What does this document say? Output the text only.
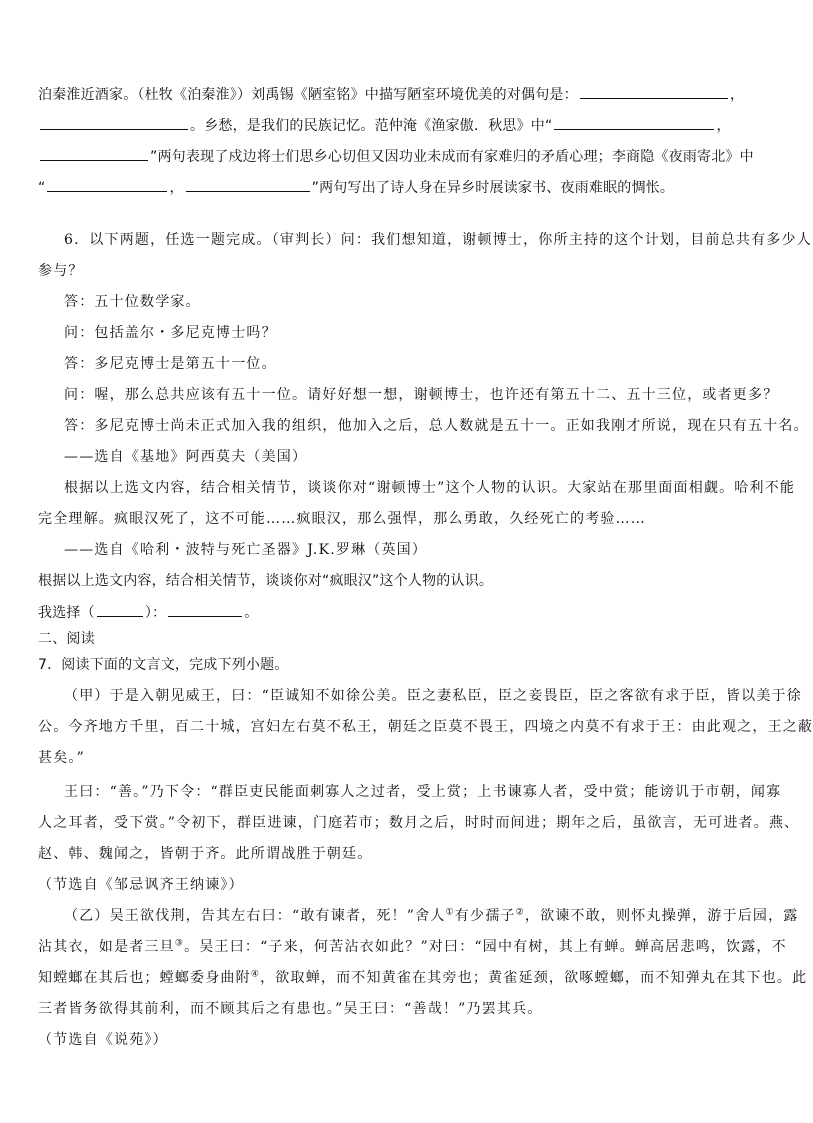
泊秦淮近酒家。（杜牧《泊秦淮》）刘禹锡《陋室铭》中描写陋室环境优美的对偶句是：	，
。乡愁，是我们的民族记忆。范仲淹《渔家傲．秋思》中“	，
”两句表现了戍边将士们思乡心切但又因功业未成而有家难归的矛盾心理；李商隐《夜雨寄北》中
“	，	”两句写出了诗人身在异乡时展读家书、夜雨难眠的惆怅。
6．以下两题，任选一题完成。（审判长）问：我们想知道，谢顿博士，你所主持的这个计划，目前总共有多少人
参与？
答：五十位数学家。
问：包括盖尔・多尼克博士吗？
答：多尼克博士是第五十一位。
问：喔，那么总共应该有五十一位。请好好想一想，谢顿博士，也许还有第五十二、五十三位，或者更多？
答：多尼克博士尚未正式加入我的组织，他加入之后，总人数就是五十一。正如我刚才所说，现在只有五十名。
——选自《基地》阿西莫夫（美国）
根据以上选文内容，结合相关情节，谈谈你对“谢顿博士”这个人物的认识。大家站在那里面面相觑。哈利不能
完全理解。疯眼汉死了，这不可能……疯眼汉，那么强悍，那么勇敢，久经死亡的考验……
——选自《哈利・波特与死亡圣器》J.K.罗琳（英国）
根据以上选文内容，结合相关情节，谈谈你对“疯眼汉”这个人物的认识。
我选择（	）：	。
二、阅读
7．阅读下面的文言文，完成下列小题。
（甲）于是入朝见威王，曰：“臣诚知不如徐公美。臣之妻私臣，臣之妾畏臣，臣之客欲有求于臣，皆以美于徐
公。今齐地方千里，百二十城，宫妇左右莫不私王，朝廷之臣莫不畏王，四境之内莫不有求于王：由此观之，王之蔽
甚矣。”
王曰：“善。”乃下令：“群臣吏民能面刺寡人之过者，受上赏；上书谏寡人者，受中赏；能谤讥于市朝，闻寡
人之耳者，受下赏。”令初下，群臣进谏，门庭若市；数月之后，时时而间进；期年之后，虽欲言，无可进者。燕、
赵、韩、魏闻之，皆朝于齐。此所谓战胜于朝廷。
（节选自《邹忌讽齐王纳谏》）
（乙）吴王欲伐荆，告其左右曰：“敢有谏者，死！”舍人①有少孺子②，欲谏不敢，则怀丸操弹，游于后园，露
沾其衣，如是者三旦③。吴王曰：“子来，何苦沾衣如此？”对曰：“园中有树，其上有蝉。蝉高居悲鸣，饮露，不
知螳螂在其后也；螳螂委身曲附④，欲取蝉，而不知黄雀在其旁也；黄雀延颈，欲啄螳螂，而不知弹丸在其下也。此
三者皆务欲得其前利，而不顾其后之有患也。”吴王曰：“善哉！”乃罢其兵。
（节选自《说苑》）
